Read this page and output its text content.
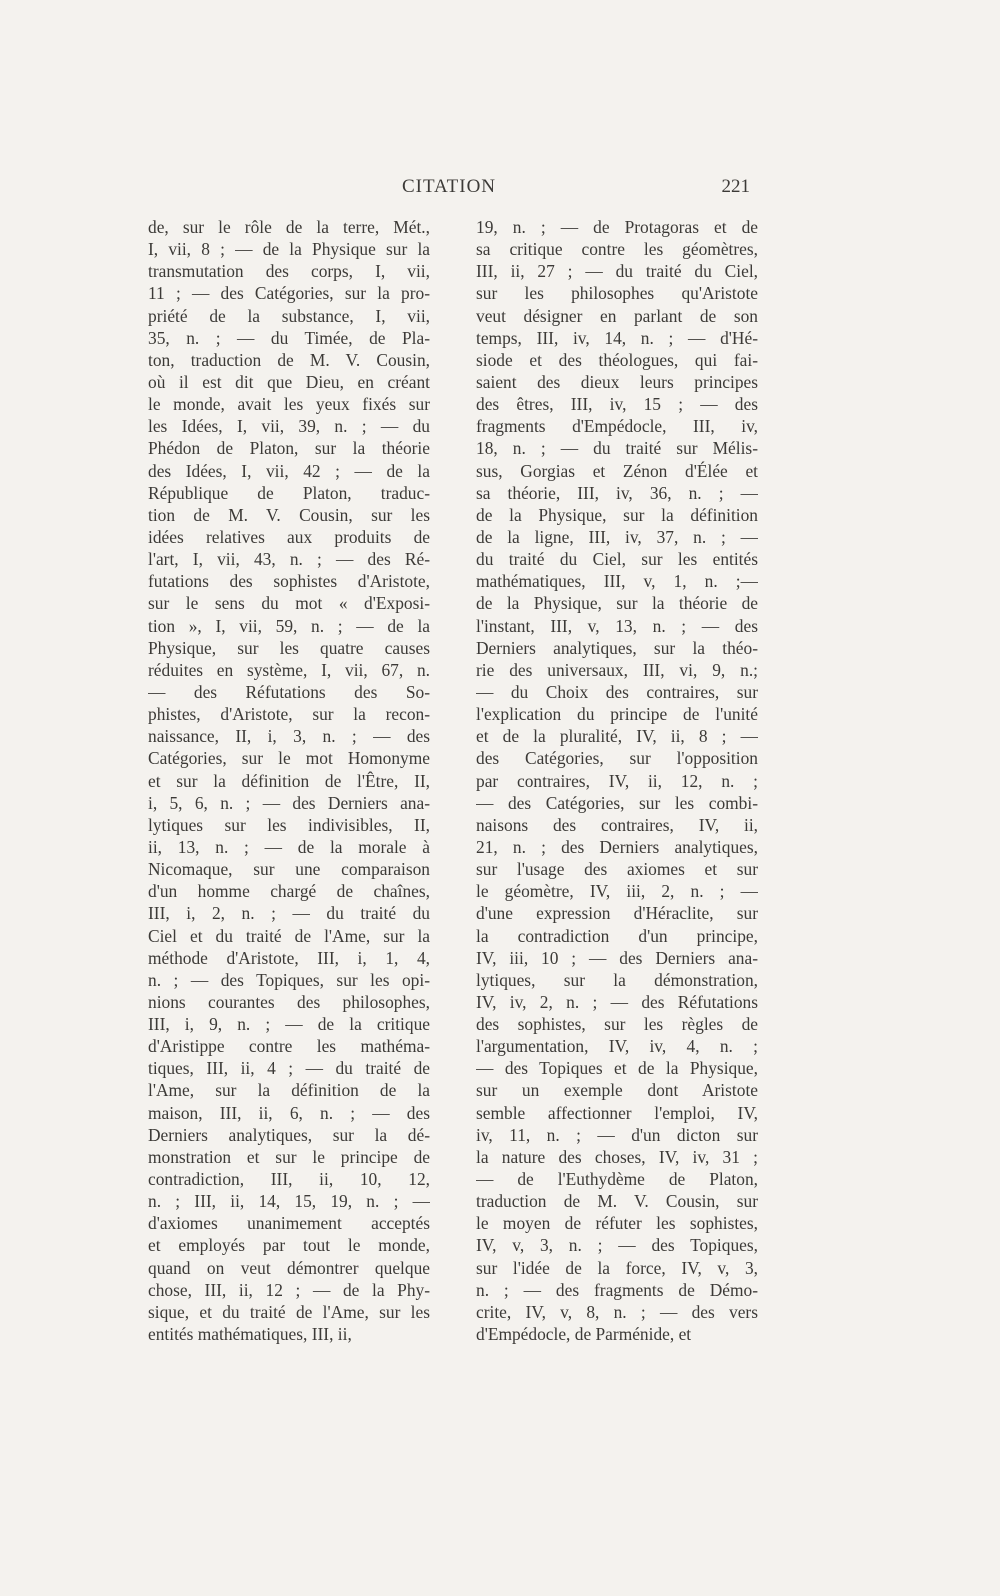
CITATION	221
de, sur le rôle de la terre, Mét.,
I, vii, 8 ; — de la Physique sur la
transmutation des corps, I, vii,
11 ; — des Catégories, sur la pro-
priété de la substance, I, vii,
35, n. ; — du Timée, de Pla-
ton, traduction de M. V. Cousin,
où il est dit que Dieu, en créant
le monde, avait les yeux fixés sur
les Idées, I, vii, 39, n. ; — du
Phédon de Platon, sur la théorie
des Idées, I, vii, 42 ; — de la
République de Platon, traduc-
tion de M. V. Cousin, sur les
idées relatives aux produits de
l'art, I, vii, 43, n. ; — des Ré-
futations des sophistes d'Aristote,
sur le sens du mot « d'Exposi-
tion », I, vii, 59, n. ; — de la
Physique, sur les quatre causes
réduites en système, I, vii, 67, n.
— des Réfutations des So-
phistes, d'Aristote, sur la recon-
naissance, II, i, 3, n. ; — des
Catégories, sur le mot Homonyme
et sur la définition de l'Être, II,
i, 5, 6, n. ; — des Derniers ana-
lytiques sur les indivisibles, II,
ii, 13, n. ; — de la morale à
Nicomaque, sur une comparaison
d'un homme chargé de chaînes,
III, i, 2, n. ; — du traité du
Ciel et du traité de l'Ame, sur la
méthode d'Aristote, III, i, 1, 4,
n. ; — des Topiques, sur les opi-
nions courantes des philosophes,
III, i, 9, n. ; — de la critique
d'Aristippe contre les mathéma-
tiques, III, ii, 4 ; — du traité de
l'Ame, sur la définition de la
maison, III, ii, 6, n. ; — des
Derniers analytiques, sur la dé-
monstration et sur le principe de
contradiction, III, ii, 10, 12,
n. ; III, ii, 14, 15, 19, n. ; —
d'axiomes unanimement acceptés
et employés par tout le monde,
quand on veut démontrer quelque
chose, III, ii, 12 ; — de la Phy-
sique, et du traité de l'Ame, sur les
entités mathématiques, III, ii,
19, n. ; — de Protagoras et de
sa critique contre les géomètres,
III, ii, 27 ; — du traité du Ciel,
sur les philosophes qu'Aristote
veut désigner en parlant de son
temps, III, iv, 14, n. ; — d'Hé-
siode et des théologues, qui fai-
saient des dieux leurs principes
des êtres, III, iv, 15 ; — des
fragments d'Empédocle, III, iv,
18, n. ; — du traité sur Mélis-
sus, Gorgias et Zénon d'Élée et
sa théorie, III, iv, 36, n. ; —
de la Physique, sur la définition
de la ligne, III, iv, 37, n. ; —
du traité du Ciel, sur les entités
mathématiques, III, v, 1, n. ;—
de la Physique, sur la théorie de
l'instant, III, v, 13, n. ; — des
Derniers analytiques, sur la théo-
rie des universaux, III, vi, 9, n.;
— du Choix des contraires, sur
l'explication du principe de l'unité
et de la pluralité, IV, ii, 8 ; —
des Catégories, sur l'opposition
par contraires, IV, ii, 12, n. ;
— des Catégories, sur les combi-
naisons des contraires, IV, ii,
21, n. ; des Derniers analytiques,
sur l'usage des axiomes et sur
le géomètre, IV, iii, 2, n. ; —
d'une expression d'Héraclite, sur
la contradiction d'un principe,
IV, iii, 10 ; — des Derniers ana-
lytiques, sur la démonstration,
IV, iv, 2, n. ; — des Réfutations
des sophistes, sur les règles de
l'argumentation, IV, iv, 4, n. ;
— des Topiques et de la Physique,
sur un exemple dont Aristote
semble affectionner l'emploi, IV,
iv, 11, n. ; — d'un dicton sur
la nature des choses, IV, iv, 31 ;
— de l'Euthydème de Platon,
traduction de M. V. Cousin, sur
le moyen de réfuter les sophistes,
IV, v, 3, n. ; — des Topiques,
sur l'idée de la force, IV, v, 3,
n. ; — des fragments de Démo-
crite, IV, v, 8, n. ; — des vers
d'Empédocle, de Parménide, et
